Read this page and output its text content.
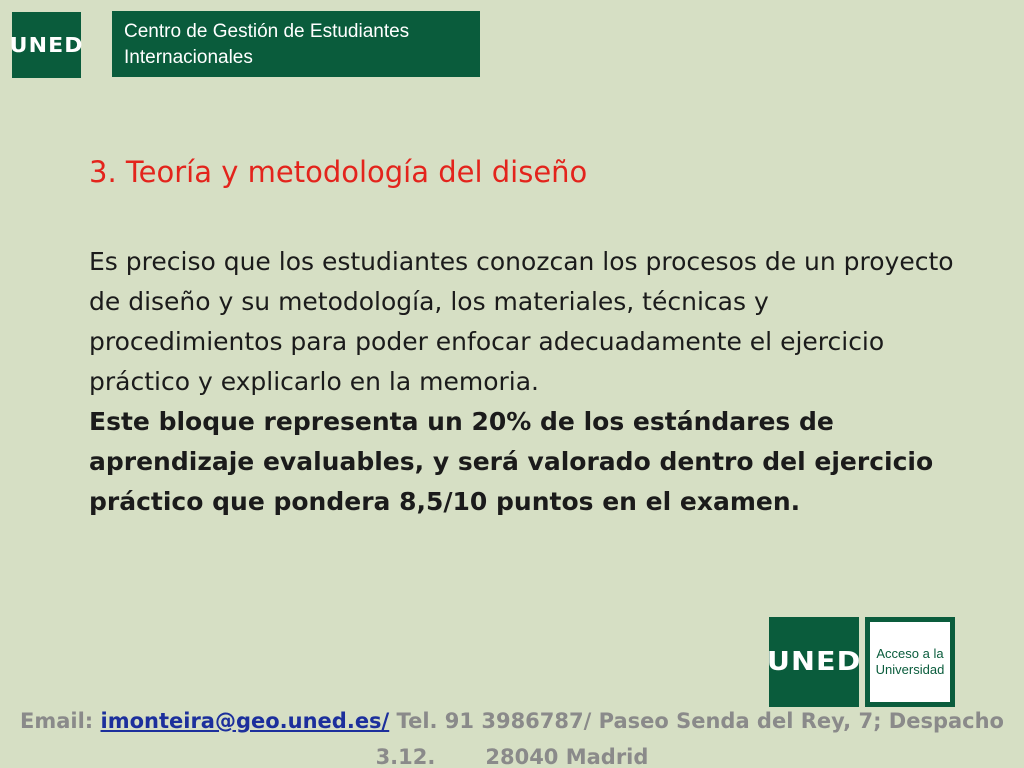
UNED
Centro de Gestión de Estudiantes
Internacionales
3. Teoría y metodología del diseño

Es preciso que los estudiantes conozcan los procesos de un proyecto de diseño y su metodología, los materiales, técnicas y procedimientos para poder enfocar adecuadamente el ejercicio práctico y explicarlo en la memoria.

Este bloque representa un 20% de los estándares de aprendizaje evaluables, y será valorado dentro del ejercicio práctico que pondera 8,5/10 puntos en el examen.

UNED Acceso a la
Universidad
Email: imonteira@geo.uned.es/ Tel. 91 3986787/ Paseo Senda del Rey, 7; Despacho
3.12. 28040 Madrid
